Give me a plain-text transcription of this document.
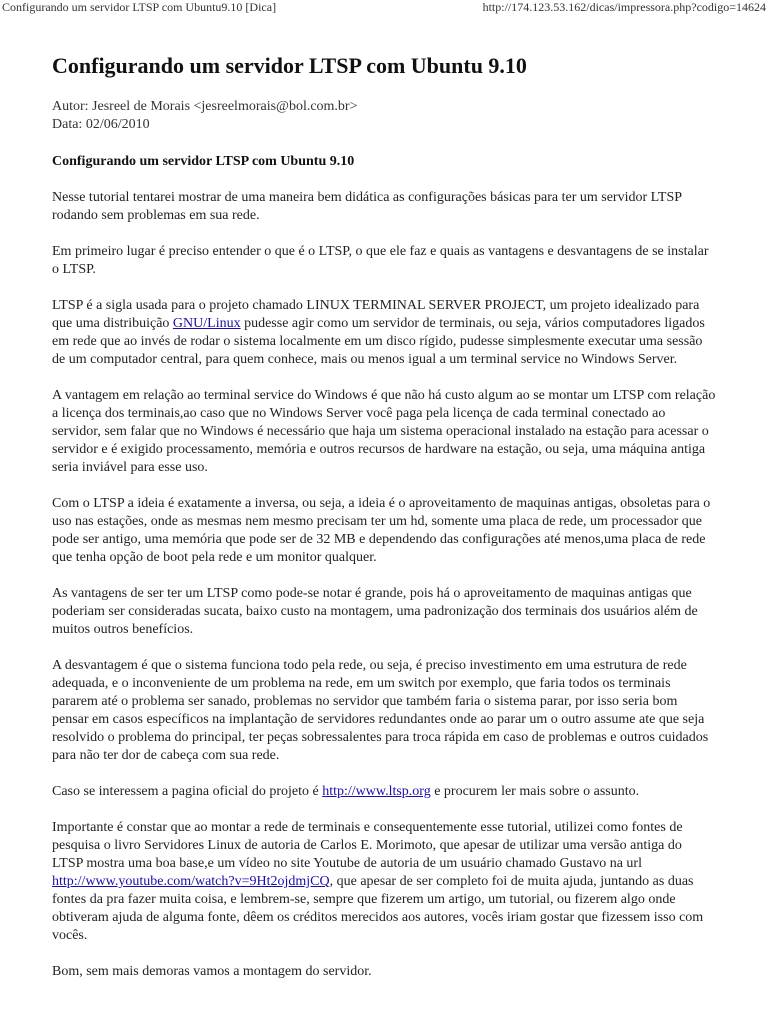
Configurando um servidor LTSP com Ubuntu9.10 [Dica]	http://174.123.53.162/dicas/impressora.php?codigo=14624
Configurando um servidor LTSP com Ubuntu 9.10
Autor: Jesreel de Morais <jesreelmorais@bol.com.br>
Data: 02/06/2010
Configurando um servidor LTSP com Ubuntu 9.10

Nesse tutorial tentarei mostrar de uma maneira bem didática as configurações básicas para ter um servidor LTSP rodando sem problemas em sua rede.

Em primeiro lugar é preciso entender o que é o LTSP, o que ele faz e quais as vantagens e desvantagens de se instalar o LTSP.

LTSP é a sigla usada para o projeto chamado LINUX TERMINAL SERVER PROJECT, um projeto idealizado para que uma distribuição GNU/Linux pudesse agir como um servidor de terminais, ou seja, vários computadores ligados em rede que ao invés de rodar o sistema localmente em um disco rígido, pudesse simplesmente executar uma sessão de um computador central, para quem conhece, mais ou menos igual a um terminal service no Windows Server.

A vantagem em relação ao terminal service do Windows é que não há custo algum ao se montar um LTSP com relação a licença dos terminais,ao caso que no Windows Server você paga pela licença de cada terminal conectado ao servidor, sem falar que no Windows é necessário que haja um sistema operacional instalado na estação para acessar o servidor e é exigido processamento, memória e outros recursos de hardware na estação, ou seja, uma máquina antiga seria inviável para esse uso.

Com o LTSP a ideia é exatamente a inversa, ou seja, a ideia é o aproveitamento de maquinas antigas, obsoletas para o uso nas estações, onde as mesmas nem mesmo precisam ter um hd, somente uma placa de rede, um processador que pode ser antigo, uma memória que pode ser de 32 MB e dependendo das configurações até menos,uma placa de rede que tenha opção de boot pela rede e um monitor qualquer.

As vantagens de ser ter um LTSP como pode-se notar é grande, pois há o aproveitamento de maquinas antigas que poderiam ser consideradas sucata, baixo custo na montagem, uma padronização dos terminais dos usuários além de muitos outros benefícios.

A desvantagem é que o sistema funciona todo pela rede, ou seja, é preciso investimento em uma estrutura de rede adequada, e o inconveniente de um problema na rede, em um switch por exemplo, que faria todos os terminais pararem até o problema ser sanado, problemas no servidor que também faria o sistema parar, por isso seria bom pensar em casos específicos na implantação de servidores redundantes onde ao parar um o outro assume ate que seja resolvido o problema do principal, ter peças sobressalentes para troca rápida em caso de problemas e outros cuidados para não ter dor de cabeça com sua rede.

Caso se interessem a pagina oficial do projeto é http://www.ltsp.org e procurem ler mais sobre o assunto.

Importante é constar que ao montar a rede de terminais e consequentemente esse tutorial, utilizei como fontes de pesquisa o livro Servidores Linux de autoria de Carlos E. Morimoto, que apesar de utilizar uma versão antiga do LTSP mostra uma boa base,e um vídeo no site Youtube de autoria de um usuário chamado Gustavo na url http://www.youtube.com/watch?v=9Ht2ojdmjCQ, que apesar de ser completo foi de muita ajuda, juntando as duas fontes da pra fazer muita coisa, e lembrem-se, sempre que fizerem um artigo, um tutorial, ou fizerem algo onde obtiveram ajuda de alguma fonte, dêem os créditos merecidos aos autores, vocês iriam gostar que fizessem isso com vocês.

Bom, sem mais demoras vamos a montagem do servidor.
